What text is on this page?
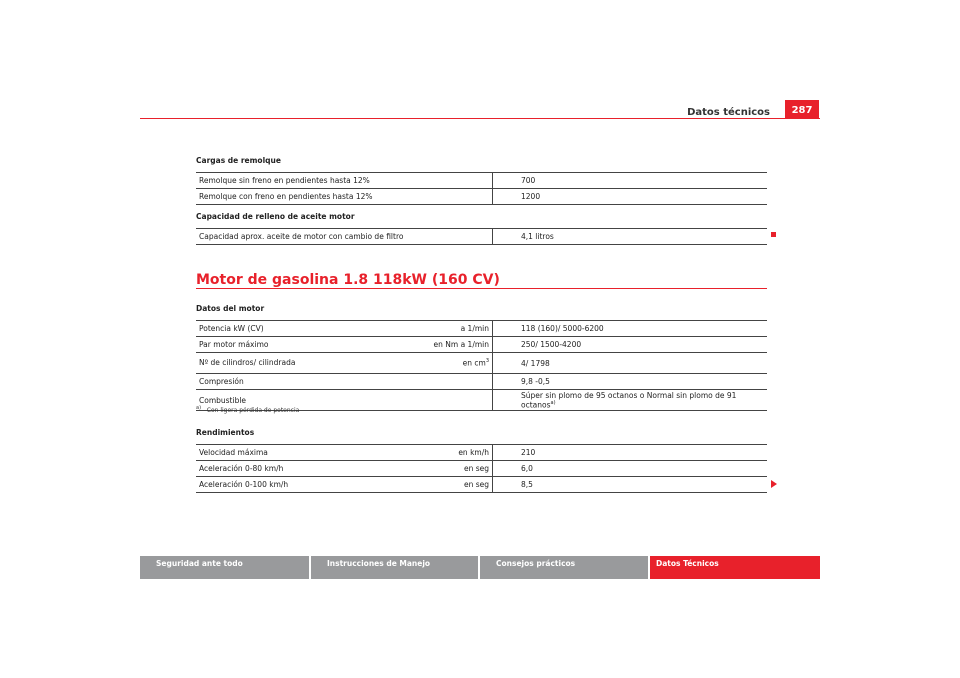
Datos técnicos	287
Cargas de remolque
Remolque sin freno en pendientes hasta 12%	700
Remolque con freno en pendientes hasta 12%	1200
Capacidad de relleno de aceite motor
Capacidad aprox. aceite de motor con cambio de filtro	4,1 litros
Motor de gasolina 1.8 118kW (160 CV)
Datos del motor
Potencia kW (CV) a 1/min	118 (160)/ 5000-6200
Par motor máximo en Nm a 1/min	250/ 1500-4200
Nº de cilindros/ cilindrada en $cm^3$	4/ 1798
Compresión	9,8 -0,5
Combustible	Súper sin plomo de 95 octanos o Normal sin plomo de 91 octanos$^{a)}$
$^{a)}$ Con ligera pérdida de potencia
Rendimientos
Velocidad máxima en km/h	210
Aceleración 0-80 km/h en seg	6,0
Aceleración 0-100 km/h en seg	8,5
Seguridad ante todo	Instrucciones de Manejo	Consejos prácticos	Datos Técnicos
